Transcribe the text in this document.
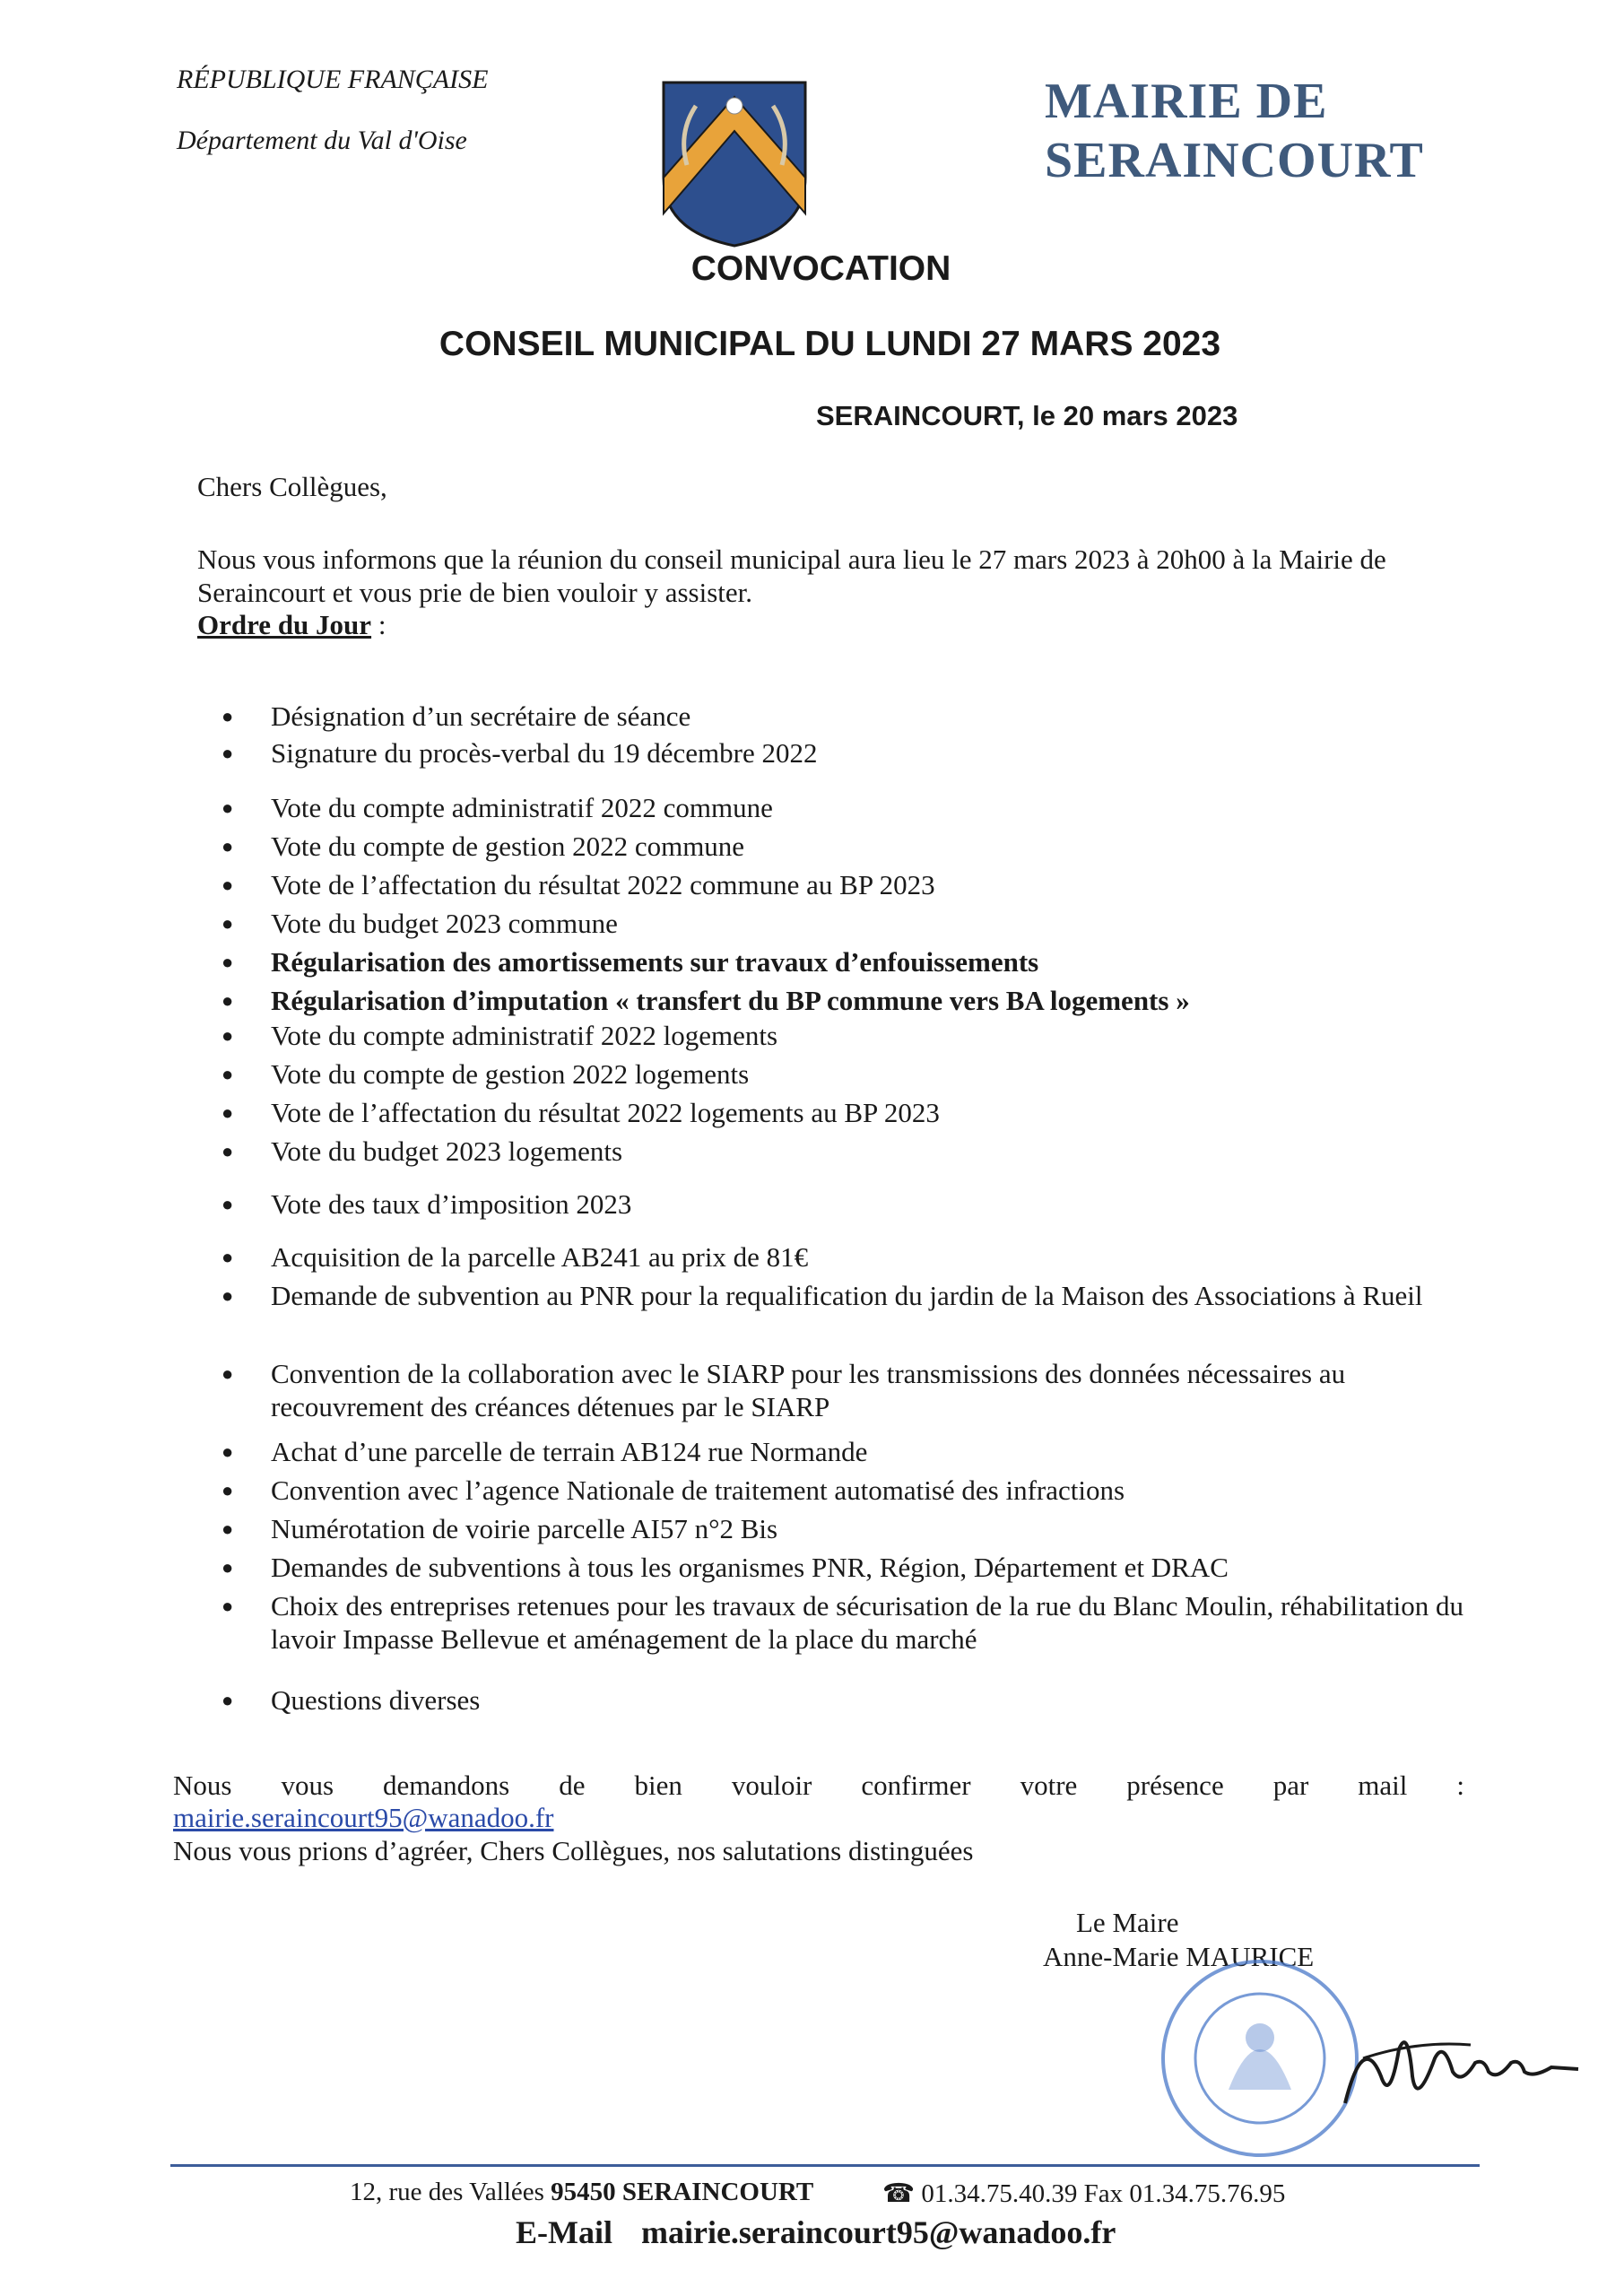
RÉPUBLIQUE FRANÇAISE
Département du Val d'Oise
MAIRIE DE
SERAINCOURT
CONVOCATION
CONSEIL MUNICIPAL DU LUNDI 27 MARS 2023
SERAINCOURT, le 20 mars 2023
Chers Collègues,
Nous vous informons que la réunion du conseil municipal aura lieu le 27 mars 2023 à 20h00 à la Mairie de Seraincourt et vous prie de bien vouloir y assister.
Ordre du Jour :
● Désignation d’un secrétaire de séance
● Signature du procès-verbal du 19 décembre 2022
● Vote du compte administratif 2022 commune
● Vote du compte de gestion 2022 commune
● Vote de l’affectation du résultat 2022 commune au BP 2023
● Vote du budget 2023 commune
● Régularisation des amortissements sur travaux d’enfouissements
● Régularisation d’imputation « transfert du BP commune vers BA logements »
● Vote du compte administratif 2022 logements
● Vote du compte de gestion 2022 logements
● Vote de l’affectation du résultat 2022 logements au BP 2023
● Vote du budget 2023 logements
● Vote des taux d’imposition 2023
● Acquisition de la parcelle AB241 au prix de 81€
● Demande de subvention au PNR pour la requalification du jardin de la Maison des Associations à Rueil
● Convention de la collaboration avec le SIARP pour les transmissions des données nécessaires au recouvrement des créances détenues par le SIARP
● Achat d’une parcelle de terrain AB124 rue Normande
● Convention avec l’agence Nationale de traitement automatisé des infractions
● Numérotation de voirie parcelle AI57 n°2 Bis
● Demandes de subventions à tous les organismes PNR, Région, Département et DRAC
● Choix des entreprises retenues pour les travaux de sécurisation de la rue du Blanc Moulin, réhabilitation du lavoir Impasse Bellevue et aménagement de la place du marché
● Questions diverses
Nous vous demandons de bien vouloir confirmer votre présence par mail :
mairie.seraincourt95@wanadoo.fr
Nous vous prions d’agréer, Chers Collègues, nos salutations distinguées
Le Maire
Anne-Marie MAURICE
12, rue des Vallées 95450 SERAINCOURT	☎ 01.34.75.40.39 Fax 01.34.75.76.95
E-Mail mairie.seraincourt95@wanadoo.fr
